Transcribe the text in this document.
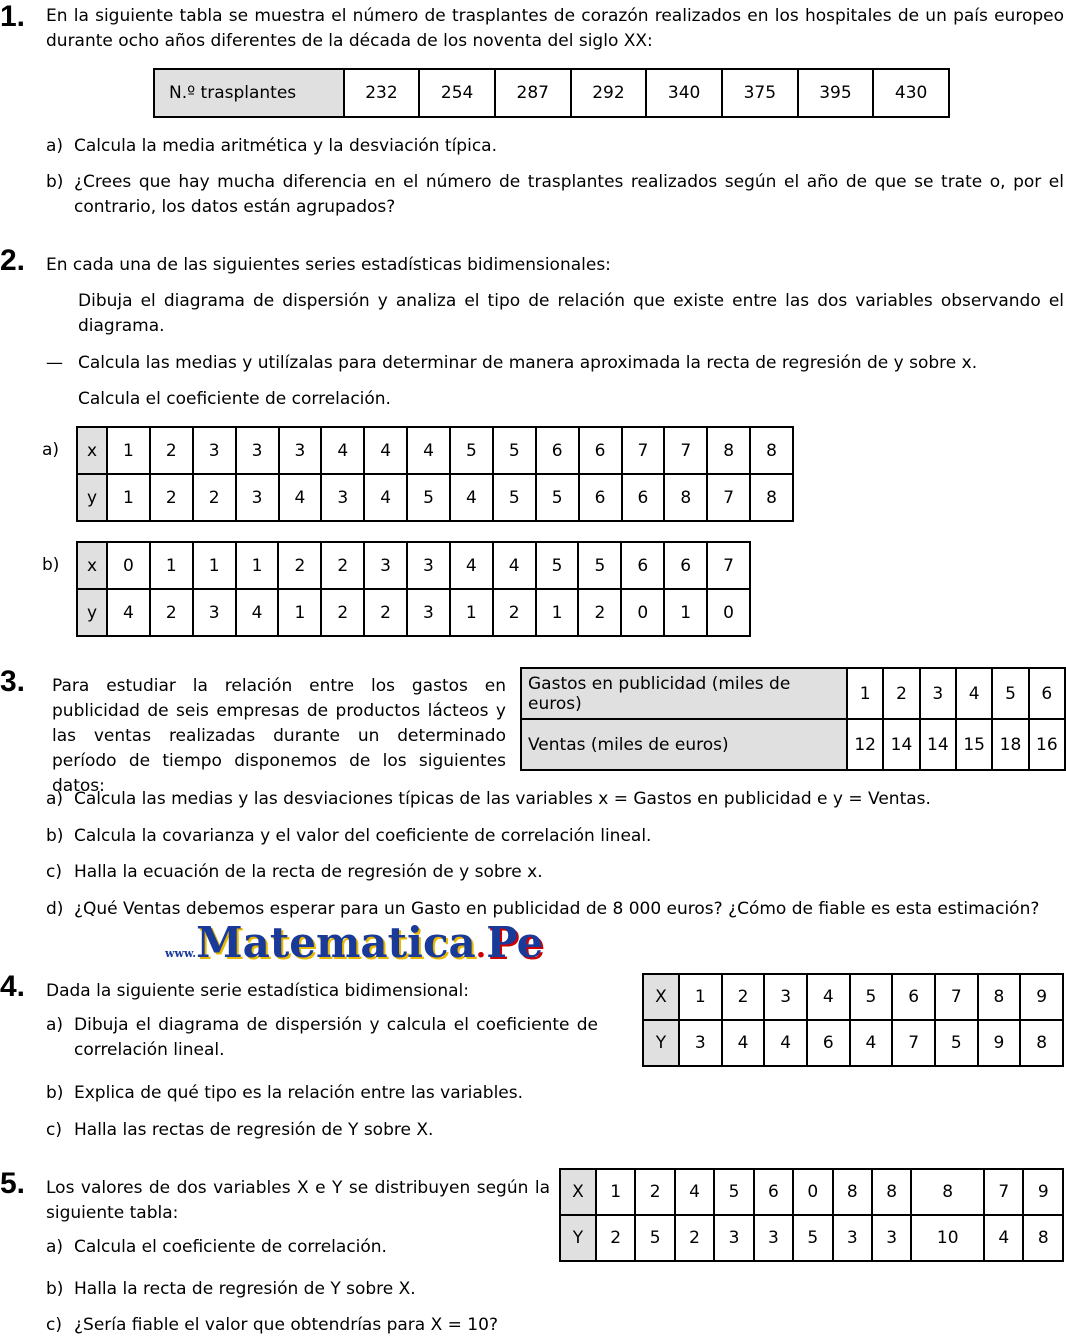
1. En la siguiente tabla se muestra el número de trasplantes de corazón realizados en los hospitales de un país europeo durante ocho años diferentes de la década de los noventa del siglo XX:
N.º trasplantes	232	254	287	292	340	375	395	430
a) Calcula la media aritmética y la desviación típica.
b) ¿Crees que hay mucha diferencia en el número de trasplantes realizados según el año de que se trate o, por el contrario, los datos están agrupados?
2. En cada una de las siguientes series estadísticas bidimensionales:
Dibuja el diagrama de dispersión y analiza el tipo de relación que existe entre las dos variables observando el diagrama.
— Calcula las medias y utilízalas para determinar de manera aproximada la recta de regresión de y sobre x.
Calcula el coeficiente de correlación.
a) x	1	2	3	3	3	4	4	4	5	5	6	6	7	7	8	8
y	1	2	2	3	4	3	4	5	4	5	5	6	6	8	7	8
b) x	0	1	1	1	2	2	3	3	4	4	5	5	6	6	7
y	4	2	3	4	1	2	2	3	1	2	1	2	0	1	0
3. Para estudiar la relación entre los gastos en publicidad de seis empresas de productos lácteos y las ventas realizadas durante un determinado período de tiempo disponemos de los siguientes datos:
Gastos en publicidad (miles de euros)	1	2	3	4	5	6
Ventas (miles de euros)	12	14	14	15	18	16
a) Calcula las medias y las desviaciones típicas de las variables x = Gastos en publicidad e y = Ventas.
b) Calcula la covarianza y el valor del coeficiente de correlación lineal.
c) Halla la ecuación de la recta de regresión de y sobre x.
d) ¿Qué Ventas debemos esperar para un Gasto en publicidad de 8 000 euros? ¿Cómo de fiable es esta estimación?
www.Matematica.Pe
4. Dada la siguiente serie estadística bidimensional:	X	1	2	3	4	5	6	7	8	9
Y	3	4	4	6	4	7	5	9	8
a) Dibuja el diagrama de dispersión y calcula el coeficiente de correlación lineal.
b) Explica de qué tipo es la relación entre las variables.
c) Halla las rectas de regresión de Y sobre X.
5. Los valores de dos variables X e Y se distribuyen según la siguiente tabla:
X	1	2	4	5	6	0	8	8	8	7	9
Y	2	5	2	3	3	5	3	3	10	4	8
a) Calcula el coeficiente de correlación.
b) Halla la recta de regresión de Y sobre X.
c) ¿Sería fiable el valor que obtendrías para X = 10?
